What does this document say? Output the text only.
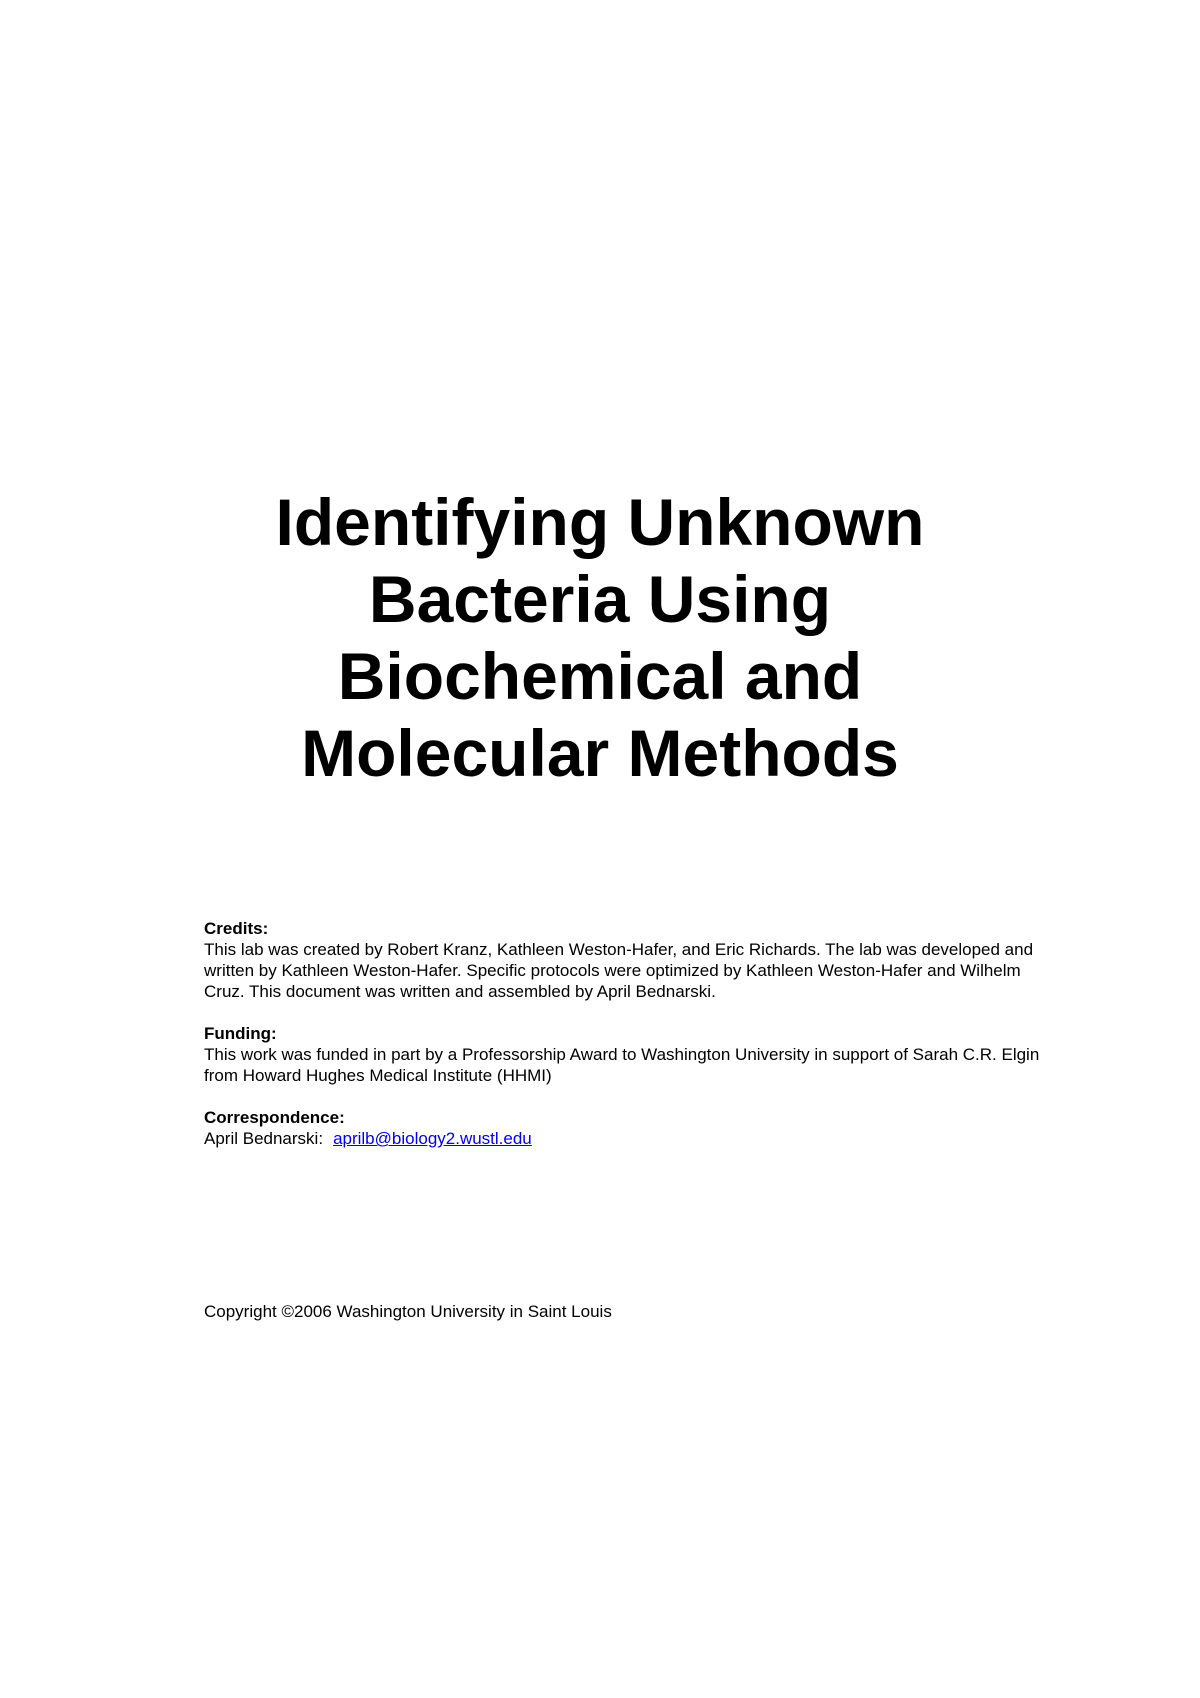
Identifying Unknown
Bacteria Using
Biochemical and
Molecular Methods
Credits:

This lab was created by Robert Kranz, Kathleen Weston-Hafer, and Eric Richards. The lab was developed and written by Kathleen Weston-Hafer. Specific protocols were optimized by Kathleen Weston-Hafer and Wilhelm Cruz. This document was written and assembled by April Bednarski.

Funding:

This work was funded in part by a Professorship Award to Washington University in support of Sarah C.R. Elgin from Howard Hughes Medical Institute (HHMI)

Correspondence:

April Bednarski: aprilb@biology2.wustl.edu

Copyright ©2006 Washington University in Saint Louis
